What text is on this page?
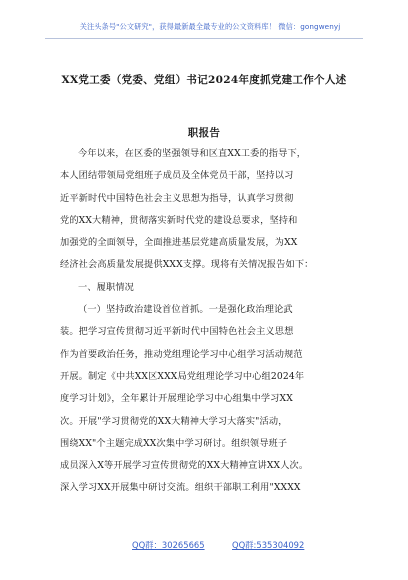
关注头条号"公文研究"，获得最新最全最专业的公文资料库！ 微信：gongwenyj
XX党工委（党委、党组）书记2024年度抓党建工作个人述
职报告
今年以来，在区委的坚强领导和区直XX工委的指导下，
本人团结带领局党组班子成员及全体党员干部，坚持以习
近平新时代中国特色社会主义思想为指导，认真学习贯彻
党的XX大精神，贯彻落实新时代党的建设总要求，坚持和
加强党的全面领导，全面推进基层党建高质量发展，为XX
经济社会高质量发展提供XXX支撑。现将有关情况报告如下：
一、履职情况
（一）坚持政治建设首位首抓。一是强化政治理论武
装。把学习宣传贯彻习近平新时代中国特色社会主义思想
作为首要政治任务，推动党组理论学习中心组学习活动规范
开展。制定《中共XX区XXX局党组理论学习中心组2024年
度学习计划》，全年累计开展理论学习中心组集中学习XX
次。开展"学习贯彻党的XX大精神大学习大落实"活动，
围绕XX"个主题完成XX次集中学习研讨。组织领导班子
成员深入X等开展学习宣传贯彻党的XX大精神宣讲XX人次。
深入学习XX开展集中研讨交流。组织干部职工利用"XXXX
QQ群：30265665	QQ群:535304092
